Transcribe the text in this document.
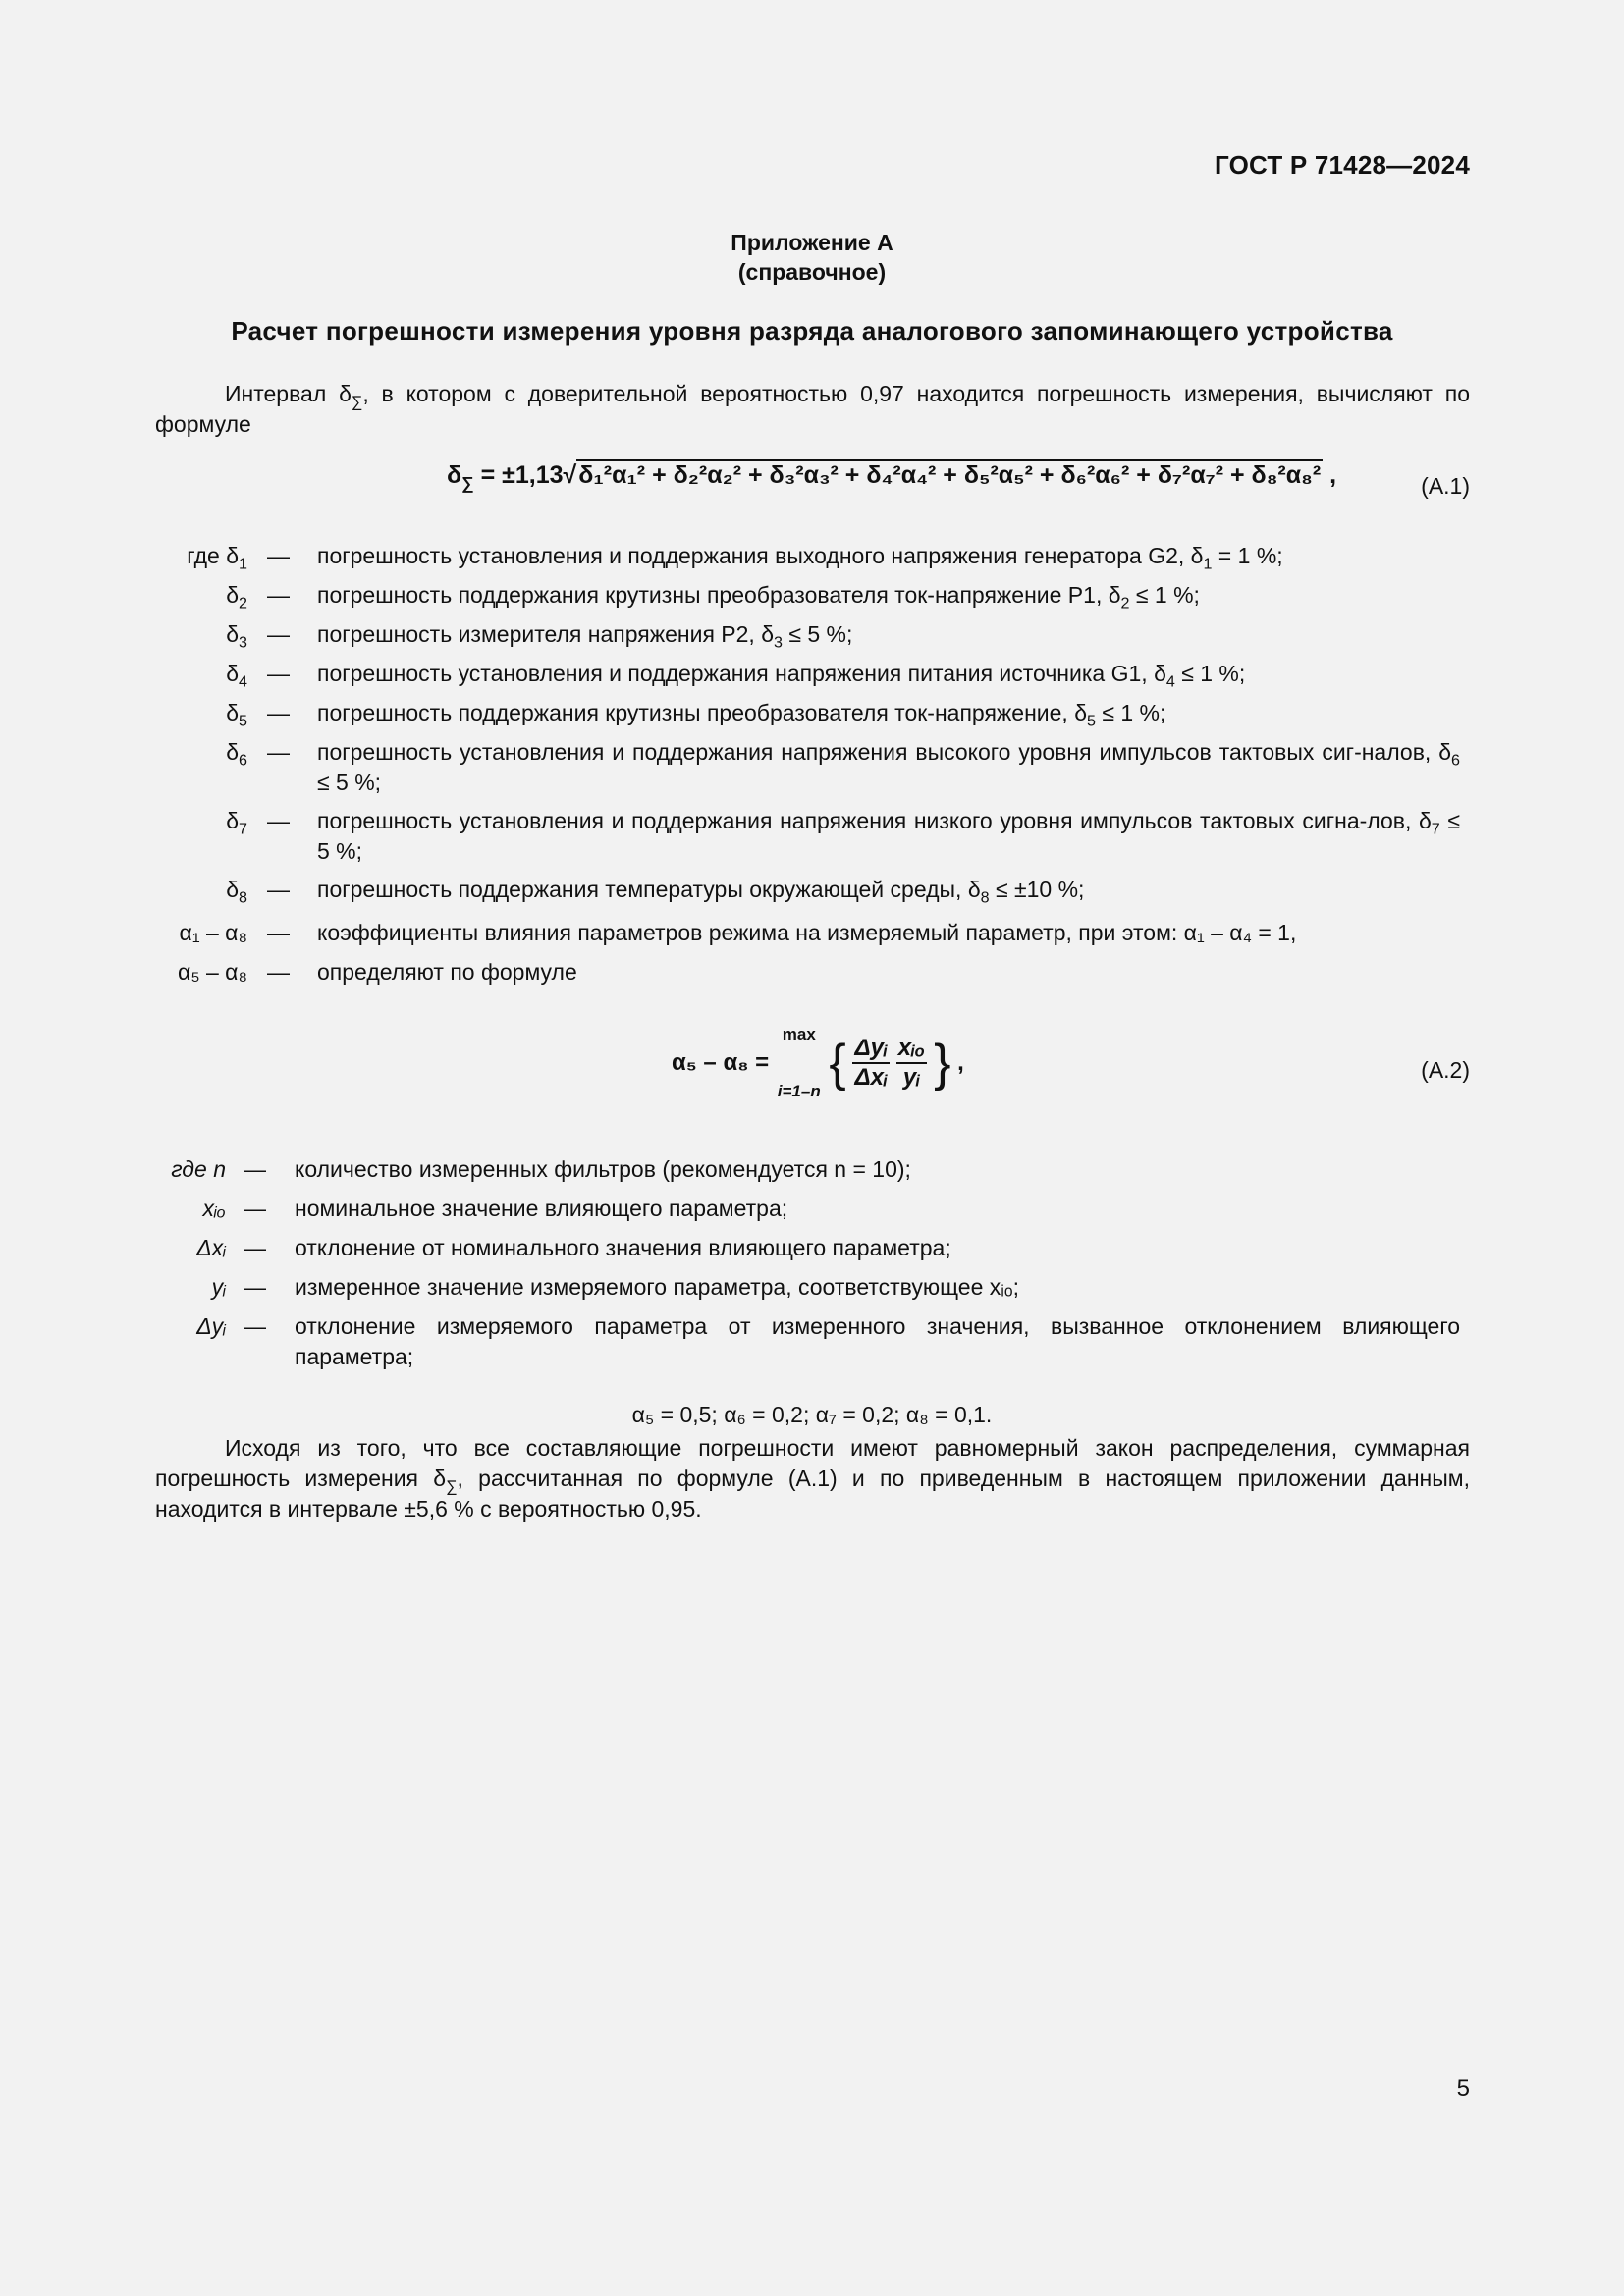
ГОСТ Р 71428—2024
Приложение А
(справочное)
Расчет погрешности измерения уровня разряда аналогового запоминающего устройства
Интервал $\delta_\sum$, в котором с доверительной вероятностью 0,97 находится погрешность измерения, вычисляют по формуле
$\delta_\sum = \pm 1,13√\delta_1^2\alpha_1^2 + \delta_2^2\alpha_2^2 + \delta_3^2\alpha_3^2 + \delta_4^2\alpha_4^2 + \delta_5^2\alpha_5^2 + \delta_6^2\alpha_6^2 + \delta_7^2\alpha_7^2 + \delta_8^2\alpha_8^2$ ,	(A.1)
где $\delta_1$ — погрешность установления и поддержания выходного напряжения генератора G2, $\delta_1 = 1$ %;
$\delta_2$ — погрешность поддержания крутизны преобразователя ток-напряжение Р1, $\delta_2 \le 1$ %;
$\delta_3$ — погрешность измерителя напряжения Р2, $\delta_3 \le 5$ %;
$\delta_4$ — погрешность установления и поддержания напряжения питания источника G1, $\delta_4 \le 1$ %;
$\delta_5$ — погрешность поддержания крутизны преобразователя ток-напряжение, $\delta_5 \le 1$ %;
$\delta_6$ — погрешность установления и поддержания напряжения высокого уровня импульсов тактовых сиг-налов, $\delta_6 \le 5$ %;
$\delta_7$ — погрешность установления и поддержания напряжения низкого уровня импульсов тактовых сигна-лов, $\delta_7 \le 5$ %;
$\delta_8$ — погрешность поддержания температуры окружающей среды, $\delta_8 \le \pm 10$ %;
α₁ – α₈ — коэффициенты влияния параметров режима на измеряемый параметр, при этом: α₁ – α₄ = 1,
α₅ – α₈ — определяют по формуле
α₅ – α₈ =
max
i=1–n { Δyᵢ
Δxᵢ

xᵢₒ
yᵢ } ,	(A.2)
где n — количество измеренных фильтров (рекомендуется n = 10);
xᵢₒ — номинальное значение влияющего параметра;
Δxᵢ — отклонение от номинального значения влияющего параметра;
yᵢ — измеренное значение измеряемого параметра, соответствующее xᵢₒ;
Δyᵢ — отклонение измеряемого параметра от измеренного значения, вызванное отклонением влияющего параметра;
α₅ = 0,5; α₆ = 0,2; α₇ = 0,2; α₈ = 0,1.
Исходя из того, что все составляющие погрешности имеют равномерный закон распределения, суммарная погрешность измерения $\delta_\sum$, рассчитанная по формуле (А.1) и по приведенным в настоящем приложении данным, находится в интервале ±5,6 % с вероятностью 0,95.
5
